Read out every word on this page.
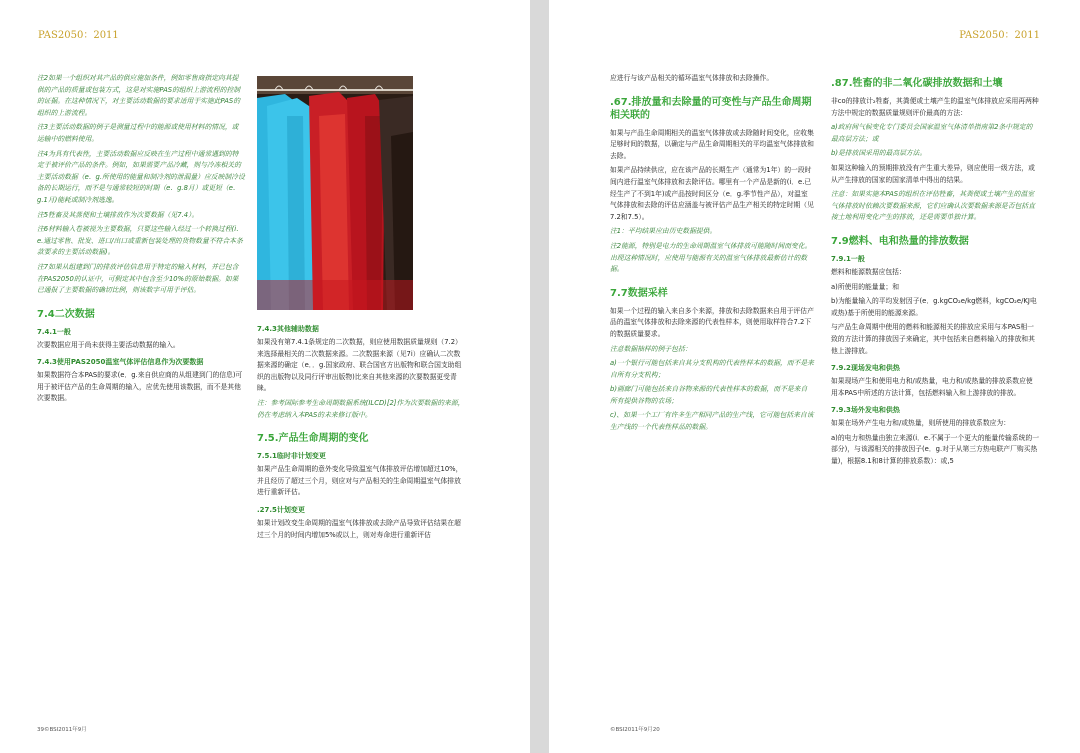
PAS2050：2011

注2如果一个组织对其产品的供应施加条件，例如零售商指定向其提供的产品的质量或包装方式，这是对实施PAS的组织上游流程的控制的证据。在这种情况下，对主要活动数据的要求适用于实施此PAS的组织的上游流程。

注3主要活动数据的例子是测量过程中的能源或使用材料的情况，或运输中的燃料使用。

注4为具有代表性，主要活动数据应反映在生产过程中通常遇到的特定于被评价产品的条件。例如，如果需要产品冷藏，则与冷冻相关的主要活动数据（e．g.所使用的能量和制冷剂的泄漏量）应反映制冷设备的长期运行，而不是与通常较短的时期（e．g.8月）或更短（e．g.1月)能耗或制冷剂逃逸。

注5牲畜及其蒸便和土壤排放作为次要数据（见7.4）。

注6材料输入卷被视为主要数据，只要这些输入经过一个转换过程(i．e.通过零售、批发、进口/出口或重新包装处理的货物数量不符合本条款要求的主要活动数据)。

注7如果从组建到门的排放评估信息用于特定的输入材料，并已包含在PAS2050的认证中，可假定其中包含至少10%的原始数据。如果已通报了主要数据的确切比例，则该数字可用于评估。

7.4二次数据
7.4.1一般

次要数据应用于尚未获得主要活动数据的输入。

7.4.3使用PAS2050温室气体评估信息作为次要数据

如果数据符合本PAS的要求(e．g.来自供应商的从组建到门的信息)可用于被评估产品的生命周期的输入，应优先使用该数据，而不是其他次要数据。

7.4.3其他辅助数据

如果没有第7.4.1条规定的二次数据，则应使用数据质量规则（7.2）来选择最相关的二次数据来源。二次数据来源（见7i）应确认二次数据来源的确定（e．．g.国家政府、联合国官方出版物和联合国支助组织的出版物以及同行评审出版物)比来自其他来源的次要数据更受青睐。

注：参考国际参考生命周期数据系统(ILCD)[2]作为次要数据的来源，仍在考虑纳入本PAS的未来修订版中。

7.5.产品生命周期的变化
7.5.1临时非计划变更

如果产品生命周期的意外变化导致温室气体排放评估增加超过10%，并且经历了超过三个月，则应对与产品相关的生命周期温室气体排放进行重新评估。

.27.5计划变更

如果计划改变生命周期的温室气体排放或去除产品导致评估结果在超过三个月的时间内增加5%或以上，则对寿命进行重新评估

39©BSI2011年9月
PAS2050：2011

应进行与该产品相关的循环温室气体排放和去除操作。

.67.排放量和去除量的可变性与产品生命周期相关联的

如果与产品生命周期相关的温室气体排放或去除随时间变化，应收集足够时间的数据，以确定与产品生命周期相关的平均温室气体排放和去除。

如果产品持续供应，应在该产品的长期生产（通常为1年）的一段时间内进行温室气体排放和去除评估。哪里有一个产品是新的(i．e.已经生产了不到1年)或产品按时间区分（e．g.季节性产品），对温室气体排放和去除的评估应涵盖与被评估产品生产相关的特定时期（见7.2和7.5）。

注1：平均结果应由历史数据提供。

注2能源，特别是电力的生命周期温室气体排放可能随时间而变化。出现这种情况时，应使用与能源有关的温室气体排放最新估计的数据。

7.7数据采样

如果一个过程的输入来自多个来源，排放和去除数据来自用于评估产品的温室气体排放和去除来源的代表性样本，则使用取样符合7.2下的数据质量要求。

注意数据抽样的例子包括：

a)一个银行可能包括来自其分支机构的代表性样本的数据，而不是来自所有分支机构；

b)画廊门可能包括来自谷物来源的代表性样本的数据，而不是来自所有提供谷物的农场；

c)、如果一个工厂有许多生产相同产品的生产线，它可能包括来自该生产线的一个代表性样品的数据。

.87.牲畜的非二氧化碳排放数据和土壤

非co的排放计₂牲畜，其粪便或土壤产生的温室气体排放应采用再两种方法中规定的数据质量规则评价最高的方法：

a)政府间气候变化专门委员会国家温室气体清单指南第2条中规定的最高层方法；或

b)是排放国采用的最高层方法。

如果这种输入的预期排放没有产生重大差异，则应使用一级方法，或从产生排放的国家的国家清单中得出的结果。

注意：如果实施本PAS的组织在评估牲畜，其粪便或土壤产生的温室气体排放时依赖次要数据来源，它们应确认次要数据来源是否包括直接土地利用变化产生的排放，还是需要单独计算。

7.9燃料、电和热量的排放数据
7.9.1一般

燃料和能源数据应包括：

a)所使用的能量量；和

b)为能量输入的平均发射因子(e．g.kgCO₂e/kg燃料，kgCO₂e/KJ电或热)基于所使用的能源来源。

与产品生命周期中使用的燃料和能源相关的排放应采用与本PAS相一致的方法计算的排放因子来确定，其中包括来自燃料输入的排放和其他上游排放。

7.9.2现场发电和供热

如果现场产生和使用电力和/或热量，电力和/或热量的排放系数应使用本PAS中所述的方法计算，包括燃料输入和上游排放的排放。

7.9.3场外发电和供热

如果在场外产生电力和/或热量，则所使用的排放系数应为：

a)的电力和热量由独立来源(i．e.不属于一个更大的能量传输系统的一部分)，与该源相关的排放因子(e．g.对于从第三方热电联产厂购买热量)，根据8.1和8计算的排放系数）：或,5

©BSI2011年9月20
